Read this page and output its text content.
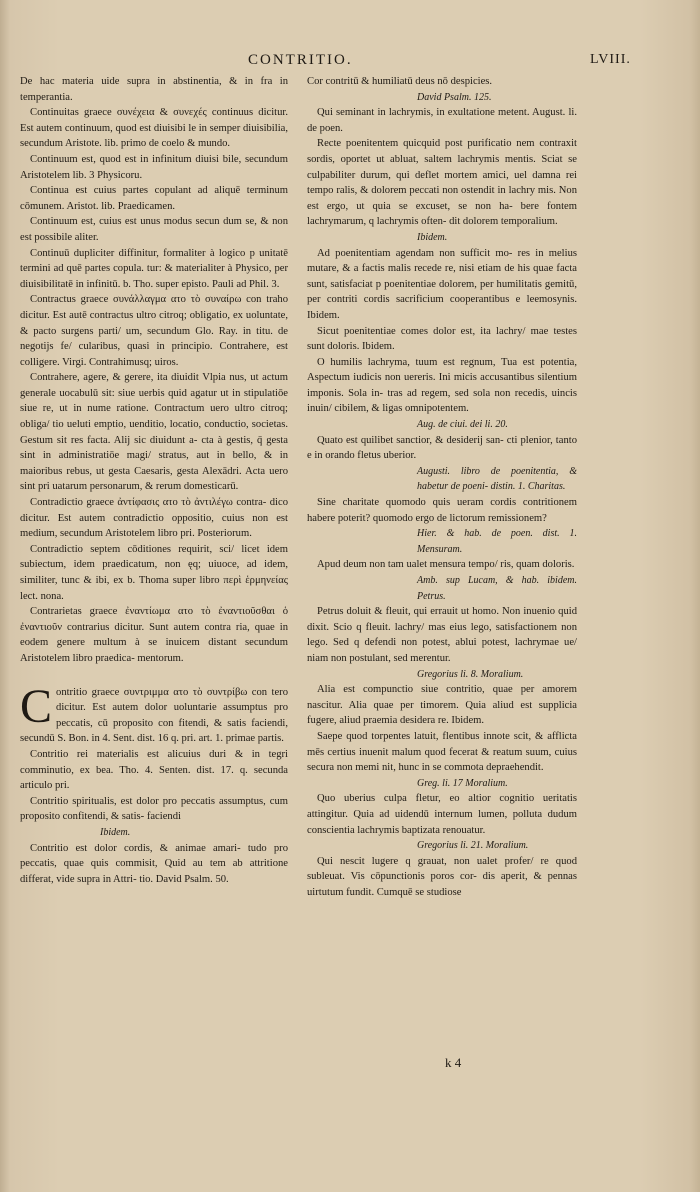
CONTRITIO.	LVIII.

De hac materia uide supra in abstinentia, & in fra in temperantia.

Continuitas graece συνέχεια & συνεχές continuus dicitur. Est autem continuum, quod est diuisibi le in semper diuisibilia, secundum Aristote. lib. primo de coelo & mundo.

Continuum est, quod est in infinitum diuisi bile, secundum Aristotelem lib. 3 Physicoru.

Continua est cuius partes copulant ad aliquē terminum cōmunem. Aristot. lib. Praedicamen.

Continuum est, cuius est unus modus secun dum se, & non est possibile aliter.

Continuū dupliciter diffinitur, formaliter à logico p unitatē termini ad quē partes copula. tur: & materialiter à Physico, per diuisibilitatē in infinitū. b. Tho. super episto. Pauli ad Phil. 3.

Contractus graece συνάλλαγμα ατο τὸ συναίρω con traho dicitur. Est autē contractus ultro citroq; obligatio, ex uoluntate, & pacto surgens parti/ um, secundum Glo. Ray. in titu. de negotijs fe/ cularibus, quasi in principio. Contrahere, est colligere. Virgi. Contrahimusq; uiros.

Contrahere, agere, & gerere, ita diuidit Vlpia nus, ut actum generale uocabulū sit: siue uerbis quid agatur ut in stipulatiōe siue re, ut in nume ratione. Contractum uero ultro citroq; obliga/ tio ueluti emptio, uenditio, locatio, conductio, societas. Gestum sit res facta. Alij sic diuidunt a- cta à gestis, q̄ gesta sint in administratiōe magi/ stratus, aut in bello, & in maioribus rebus, ut gesta Caesaris, gesta Alexādri. Acta uero sint pri uatarum personarum, & rerum domesticarū.

Contradictio graece ἀντίφασις ατο τὸ ἀντιλέγω contra- dico dicitur. Est autem contradictio oppositio, cuius non est medium, secundum Aristotelem libro pri. Posteriorum.

Contradictio septem cōditiones requirit, sci/ licet idem subiectum, idem praedicatum, non ęq; uiuoce, ad idem, similiter, tunc & ibi, ex b. Thoma super libro περὶ ἑρμηνείας lect. nona.

Contrarietas graece ἐναντίωμα ατο τὸ ἐναντιοῦσθαι ὁ ἐναντιοῦν contrarius dicitur. Sunt autem contra ria, quae in eodem genere multum à se inuicem distant secundum Aristotelem libro praedica- mentorum.

Contritio graece συντριμμα ατο τὸ συντρίβω con tero dicitur. Est autem dolor uoluntarie assumptus pro peccatis, cū proposito con fitendi, & satis faciendi, secundū S. Bon. in 4. Sent. dist. 16 q. pri. art. 1. primae partis.

Contritio rei materialis est alicuius duri & in tegri comminutio, ex bea. Tho. 4. Senten. dist. 17. q. secunda articulo pri.

Contritio spiritualis, est dolor pro peccatis assumptus, cum proposito confitendi, & satis- faciendi

Ibidem.

Contritio est dolor cordis, & animae amari- tudo pro peccatis, quae quis commisit, Quid au tem ab attritione differat, vide supra in Attri- tio. David Psalm. 50.

Cor contritū & humiliatū deus nō despicies.

David Psalm. 125.

Qui seminant in lachrymis, in exultatione metent. August. li. de poen.

Recte poenitentem quicquid post purificatio nem contraxit sordis, oportet ut abluat, saltem lachrymis mentis. Sciat se culpabiliter durum, qui deflet mortem amici, uel damna rei tempo ralis, & dolorem peccati non ostendit in lachry mis. Non est ergo, ut quia se excuset, se non ha- bere fontem lachrymarum, q lachrymis often- dit dolorem temporalium.

Ibidem.

Ad poenitentiam agendam non sufficit mo- res in melius mutare, & a factis malis recede re, nisi etiam de his quae facta sunt, satisfaciat p poenitentiae dolorem, per humilitatis gemitū, per contriti cordis sacrificium cooperantibus e leemosynis. Ibidem.

Sicut poenitentiae comes dolor est, ita lachry/ mae testes sunt doloris. Ibidem.

O humilis lachryma, tuum est regnum, Tua est potentia, Aspectum iudicis non uereris. Ini micis accusantibus silentium imponis. Sola in- tras ad regem, sed sola non recedis, uincis inuin/ cibilem, & ligas omnipotentem.

Aug. de ciui. dei li. 20.

Quato est quilibet sanctior, & desiderij san- cti plenior, tanto e in orando fletus uberior.

Augusti. libro de poenitentia, & habetur de poeni- distin. 1. Charitas.

Sine charitate quomodo quis ueram cordis contritionem habere poterit? quomodo ergo de lictorum remissionem?

Hier. & hab. de poen. dist. 1. Mensuram.

Apud deum non tam ualet mensura tempo/ ris, quam doloris.

Amb. sup Lucam, & hab. ibidem. Petrus.

Petrus doluit & fleuit, qui errauit ut homo. Non inuenio quid dixit. Scio q fleuit. lachry/ mas eius lego, satisfactionem non lego. Sed q defendi non potest, ablui potest, lachrymae ue/ niam non postulant, sed merentur.

Gregorius li. 8. Moralium.

Alia est compunctio siue contritio, quae per amorem nascitur. Alia quae per timorem. Quia aliud est supplicia fugere, aliud praemia desidera re. Ibidem.

Saepe quod torpentes latuit, flentibus innote scit, & afflicta mēs certius inuenit malum quod fecerat & reatum suum, cuius secura non memi nit, hunc in se commota depraehendit.

Greg. li. 17 Moralium.

Quo uberius culpa fletur, eo altior cognitio ueritatis attingitur. Quia ad uidendū internum lumen, polluta dudum conscientia lachrymis baptizata renouatur.

Gregorius li. 21. Moralium.

Qui nescit lugere q grauat, non ualet profer/ re quod subleuat. Vis cōpunctionis poros cor- dis aperit, & pennas uirtutum fundit. Cumquē se studiose

k 4
